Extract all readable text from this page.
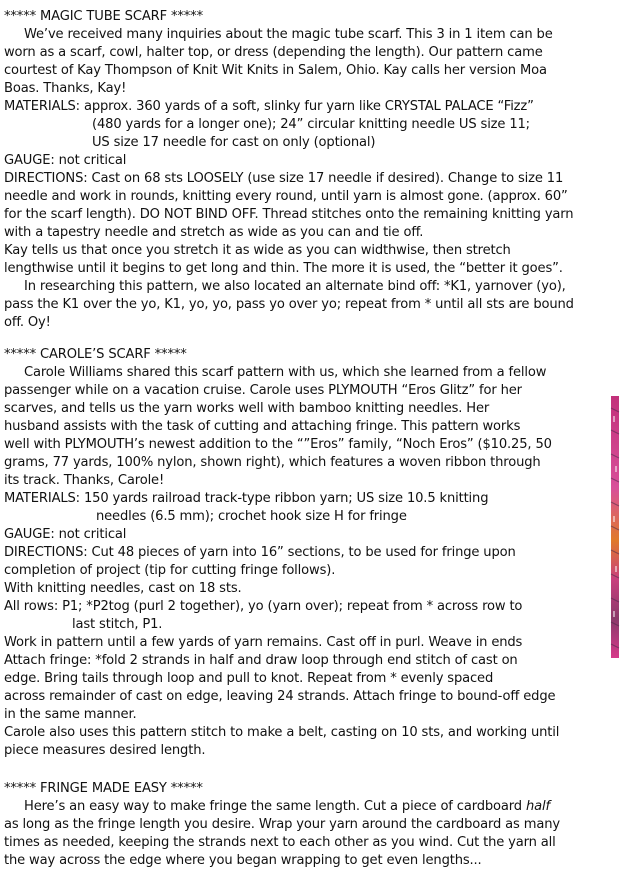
***** MAGIC TUBE SCARF *****
We’ve received many inquiries about the magic tube scarf. This 3 in 1 item can be
worn as a scarf, cowl, halter top, or dress (depending the length). Our pattern came
courtest of Kay Thompson of Knit Wit Knits in Salem, Ohio. Kay calls her version Moa
Boas. Thanks, Kay!
MATERIALS: approx. 360 yards of a soft, slinky fur yarn like CRYSTAL PALACE “Fizz”
(480 yards for a longer one); 24” circular knitting needle US size 11;
US size 17 needle for cast on only (optional)
GAUGE: not critical
DIRECTIONS: Cast on 68 sts LOOSELY (use size 17 needle if desired). Change to size 11
needle and work in rounds, knitting every round, until yarn is almost gone. (approx. 60”
for the scarf length). DO NOT BIND OFF. Thread stitches onto the remaining knitting yarn
with a tapestry needle and stretch as wide as you can and tie off.
Kay tells us that once you stretch it as wide as you can widthwise, then stretch
lengthwise until it begins to get long and thin. The more it is used, the “better it goes”.
In researching this pattern, we also located an alternate bind off: *K1, yarnover (yo),
pass the K1 over the yo, K1, yo, yo, pass yo over yo; repeat from * until all sts are bound
off. Oy!
***** CAROLE’S SCARF *****
Carole Williams shared this scarf pattern with us, which she learned from a fellow
passenger while on a vacation cruise. Carole uses PLYMOUTH “Eros Glitz” for her
scarves, and tells us the yarn works well with bamboo knitting needles. Her
husband assists with the task of cutting and attaching fringe. This pattern works
well with PLYMOUTH’s newest addition to the “”Eros” family, “Noch Eros” ($10.25, 50
grams, 77 yards, 100% nylon, shown right), which features a woven ribbon through
its track. Thanks, Carole!
MATERIALS: 150 yards railroad track-type ribbon yarn; US size 10.5 knitting
needles (6.5 mm); crochet hook size H for fringe
GAUGE: not critical
DIRECTIONS: Cut 48 pieces of yarn into 16” sections, to be used for fringe upon
completion of project (tip for cutting fringe follows).
With knitting needles, cast on 18 sts.
All rows: P1; *P2tog (purl 2 together), yo (yarn over); repeat from * across row to
last stitch, P1.
Work in pattern until a few yards of yarn remains. Cast off in purl. Weave in ends
Attach fringe: *fold 2 strands in half and draw loop through end stitch of cast on
edge. Bring tails through loop and pull to knot. Repeat from * evenly spaced
across remainder of cast on edge, leaving 24 strands. Attach fringe to bound-off edge
in the same manner.
Carole also uses this pattern stitch to make a belt, casting on 10 sts, and working until
piece measures desired length.
***** FRINGE MADE EASY *****
Here’s an easy way to make fringe the same length. Cut a piece of cardboard half
as long as the fringe length you desire. Wrap your yarn around the cardboard as many
times as needed, keeping the strands next to each other as you wind. Cut the yarn all
the way across the edge where you began wrapping to get even lengths...
